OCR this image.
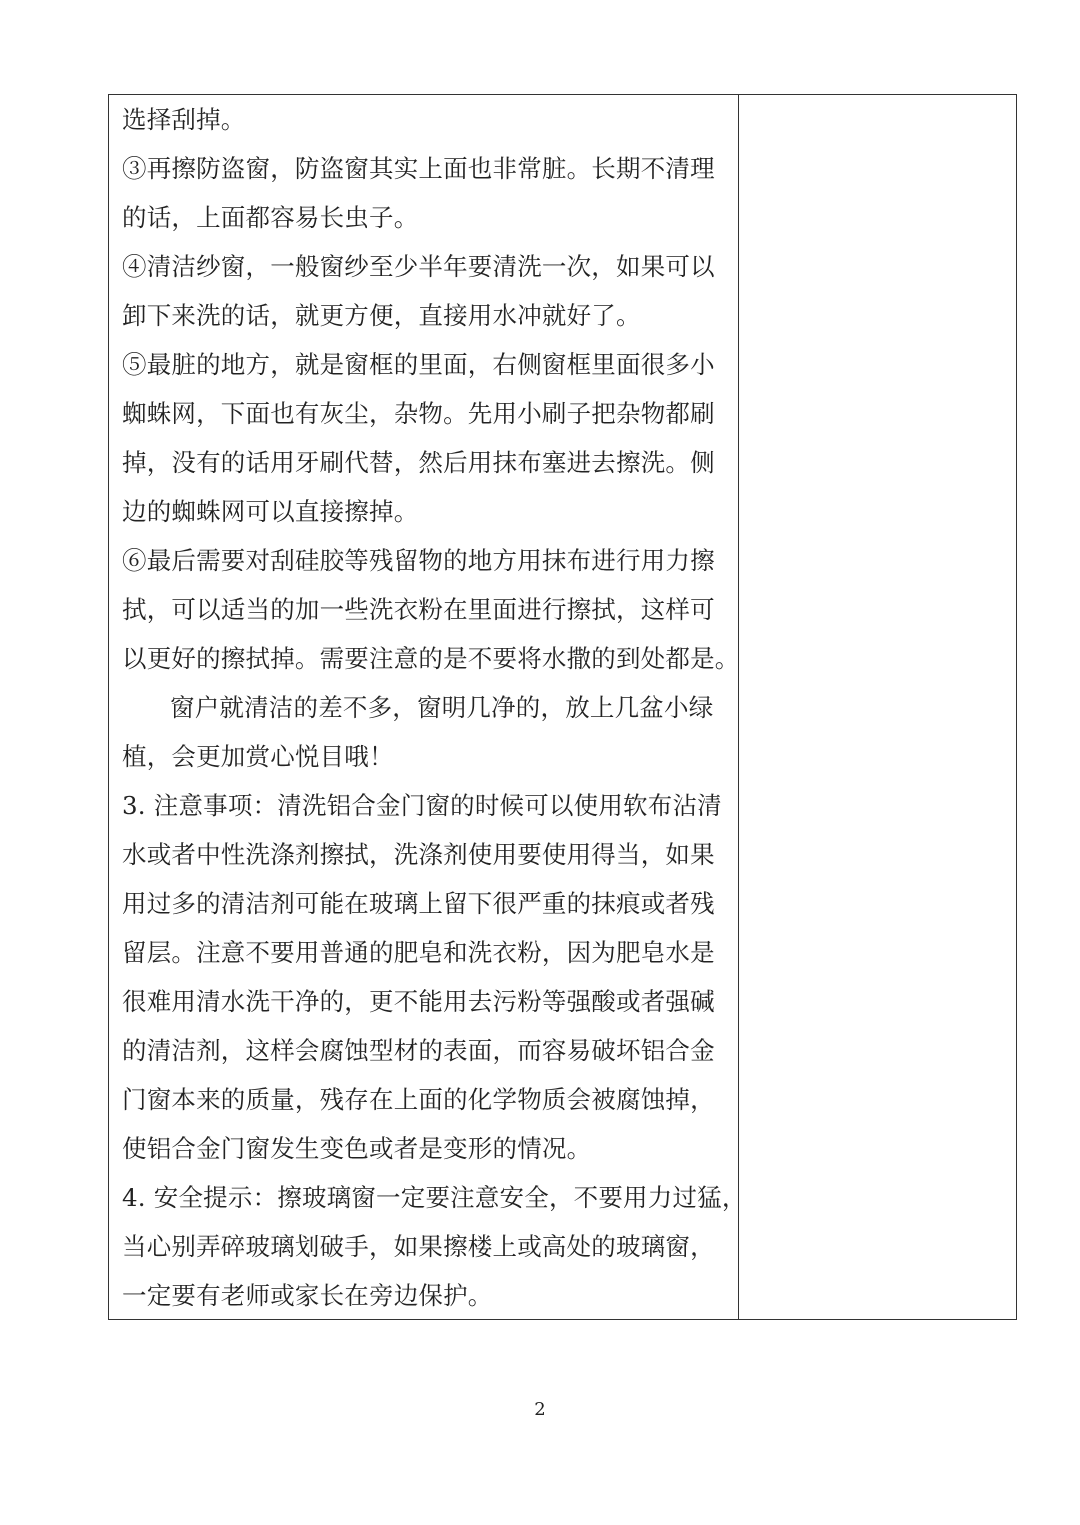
选择刮掉。
③再擦防盗窗，防盗窗其实上面也非常脏。长期不清理
的话，上面都容易长虫子。
④清洁纱窗，一般窗纱至少半年要清洗一次，如果可以
卸下来洗的话，就更方便，直接用水冲就好了。
⑤最脏的地方，就是窗框的里面，右侧窗框里面很多小
蜘蛛网，下面也有灰尘，杂物。先用小刷子把杂物都刷
掉，没有的话用牙刷代替，然后用抹布塞进去擦洗。侧
边的蜘蛛网可以直接擦掉。
⑥最后需要对刮硅胶等残留物的地方用抹布进行用力擦
拭，可以适当的加一些洗衣粉在里面进行擦拭，这样可
以更好的擦拭掉。需要注意的是不要将水撒的到处都是。
窗户就清洁的差不多，窗明几净的，放上几盆小绿
植，会更加赏心悦目哦！
3. 注意事项：清洗铝合金门窗的时候可以使用软布沾清
水或者中性洗涤剂擦拭，洗涤剂使用要使用得当，如果
用过多的清洁剂可能在玻璃上留下很严重的抹痕或者残
留层。注意不要用普通的肥皂和洗衣粉，因为肥皂水是
很难用清水洗干净的，更不能用去污粉等强酸或者强碱
的清洁剂，这样会腐蚀型材的表面，而容易破坏铝合金
门窗本来的质量，残存在上面的化学物质会被腐蚀掉，
使铝合金门窗发生变色或者是变形的情况。
4. 安全提示：擦玻璃窗一定要注意安全，不要用力过猛，
当心别弄碎玻璃划破手，如果擦楼上或高处的玻璃窗，
一定要有老师或家长在旁边保护。
2
